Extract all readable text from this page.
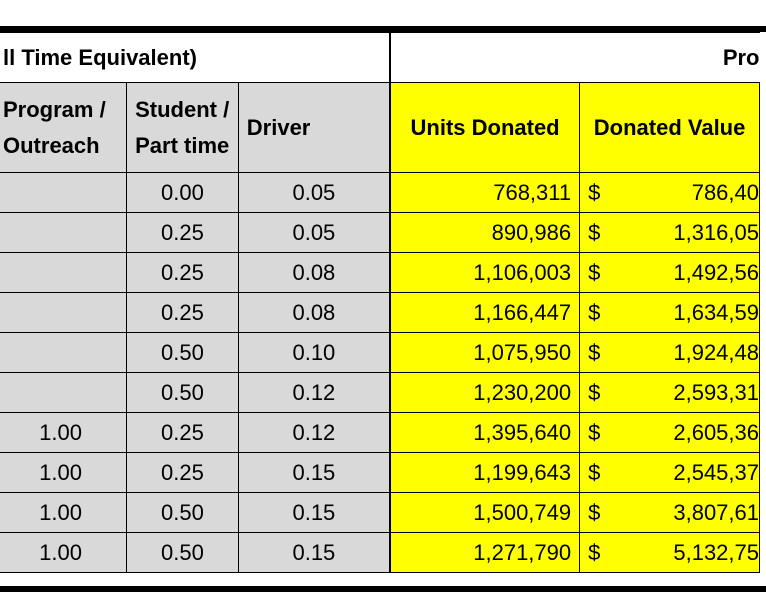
ll Time Equivalent)			Pro		
Program / Outreach	Student / Part time	Driver	Units Donated	Donated Value	
	0.00	0.05	768,311	$	786,40
	0.25	0.05	890,986	$	1,316,05
	0.25	0.08	1,106,003	$	1,492,56
	0.25	0.08	1,166,447	$	1,634,59
	0.50	0.10	1,075,950	$	1,924,48
	0.50	0.12	1,230,200	$	2,593,31
1.00	0.25	0.12	1,395,640	$	2,605,36
1.00	0.25	0.15	1,199,643	$	2,545,37
1.00	0.50	0.15	1,500,749	$	3,807,61
1.00	0.50	0.15	1,271,790	$	5,132,75
